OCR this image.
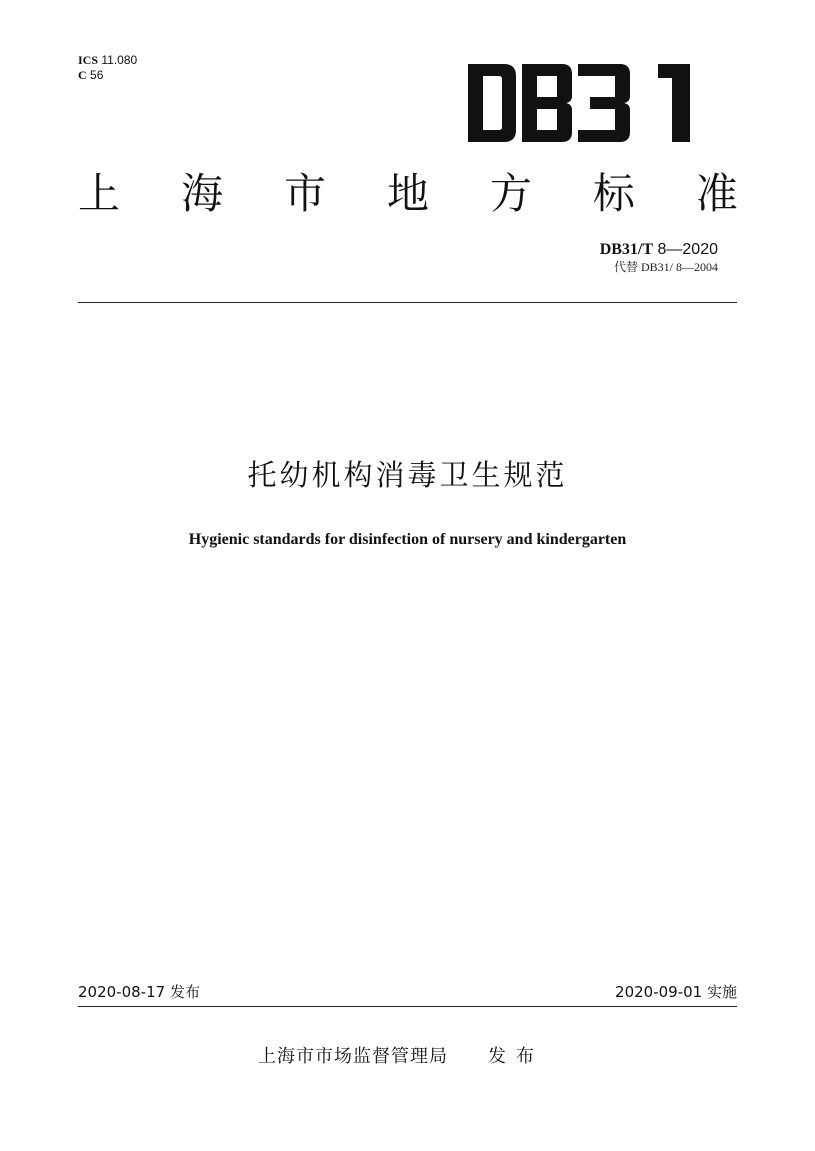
ICS 11.080
C 56
上 海 市 地 方 标 准
DB31/T 8—2020
代替 DB31/ 8—2004
托幼机构消毒卫生规范
Hygienic standards for disinfection of nursery and kindergarten
2020-08-17 发布	2020-09-01 实施
上海市市场监督管理局 发布
